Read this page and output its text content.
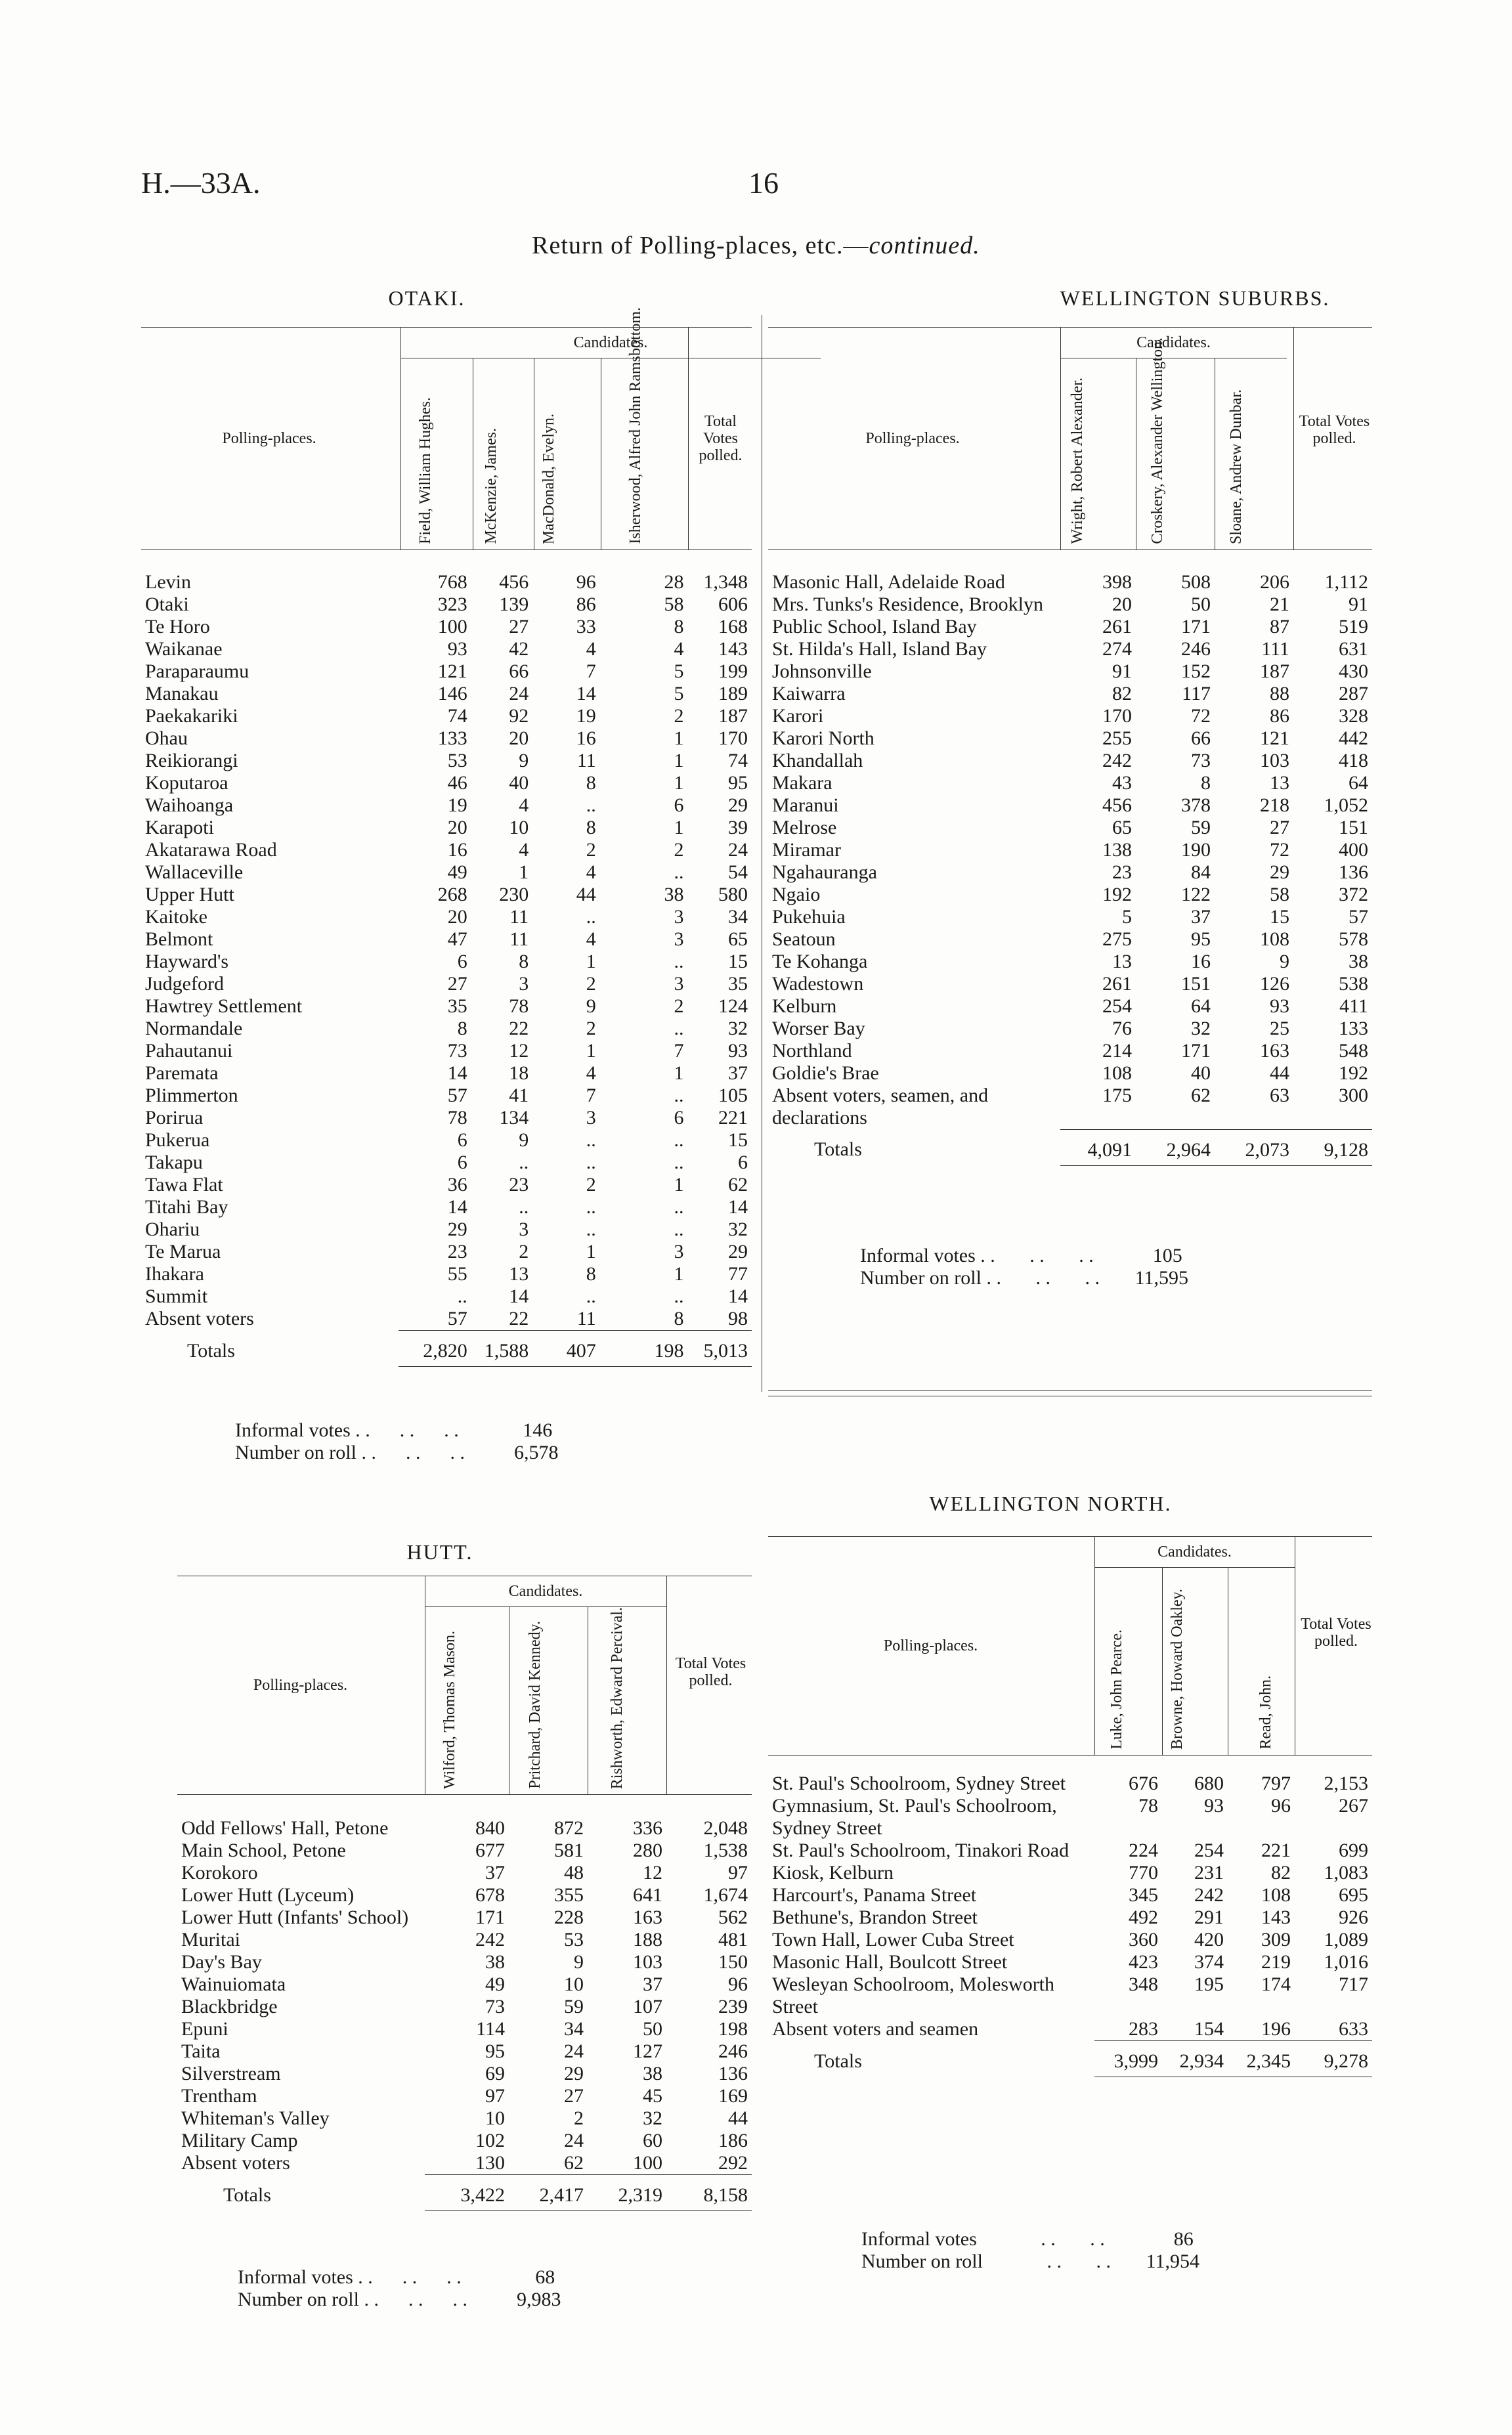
H.—33A.	16
Return of Polling-places, etc.—continued.
OTAKI.
Polling-places.
Candidates.
Field, William Hughes.	McKenzie, James.	MacDonald, Evelyn.	Isherwood, Alfred John Ramsbottom.	Total Votes polled.
Levin	768	456	96	28	1,348
Otaki	323	139	86	58	606
Te Horo	100	27	33	8	168
Waikanae	93	42	4	4	143
Paraparaumu	121	66	7	5	199
Manakau	146	24	14	5	189
Paekakariki	74	92	19	2	187
Ohau	133	20	16	1	170
Reikiorangi	53	9	11	1	74
Koputaroa	46	40	8	1	95
Waihoanga	19	4	..	6	29
Karapoti	20	10	8	1	39
Akatarawa Road	16	4	2	2	24
Wallaceville	49	1	4	..	54
Upper Hutt	268	230	44	38	580
Kaitoke	20	11	..	3	34
Belmont	47	11	4	3	65
Hayward's	6	8	1	..	15
Judgeford	27	3	2	3	35
Hawtrey Settlement	35	78	9	2	124
Normandale	8	22	2	..	32
Pahautanui	73	12	1	7	93
Paremata	14	18	4	1	37
Plimmerton	57	41	7	..	105
Porirua	78	134	3	6	221
Pukerua	6	9	..	..	15
Takapu	6	..	..	..	6
Tawa Flat	36	23	2	1	62
Titahi Bay	14	..	..	..	14
Ohariu	29	3	..	..	32
Te Marua	23	2	1	3	29
Ihakara	55	13	8	1	77
Summit	..	14	..	..	14
Absent voters	57	22	11	8	98
Totals	2,820	1,588	407	198	5,013
Informal votes . .      . .      . .	146
Number on roll . .      . .      . .   6,578
HUTT.
Polling-places.
Candidates.
Wilford, Thomas Mason.	Pritchard, David Kennedy.	Rishworth, Edward Percival.	Total Votes polled.
Odd Fellows' Hall, Petone	840	872	336	2,048
Main School, Petone	677	581	280	1,538
Korokoro	37	48	12	97
Lower Hutt (Lyceum)	678	355	641	1,674
Lower Hutt (Infants' School)	171	228	163	562
Muritai	242	53	188	481
Day's Bay	38	9	103	150
Wainuiomata	49	10	37	96
Blackbridge	73	59	107	239
Epuni	114	34	50	198
Taita	95	24	127	246
Silverstream	69	29	38	136
Trentham	97	27	45	169
Whiteman's Valley	10	2	32	44
Military Camp	102	24	60	186
Absent voters	130	62	100	292
Totals	3,422	2,417	2,319	8,158
Informal votes . .      . .      . .	68
Number on roll . .      . .      . .   9,983
WELLINGTON SUBURBS.
Polling-places.
Candidates.
Wright, Robert Alexander.	Croskery, Alexander Wellington.	Sloane, Andrew Dunbar.	Total Votes polled.
Masonic Hall, Adelaide Road	398	508	206	1,112
Mrs. Tunks's Residence, Brooklyn	20	50	21	91
Public School, Island Bay	261	171	87	519
St. Hilda's Hall, Island Bay	274	246	111	631
Johnsonville	91	152	187	430
Kaiwarra	82	117	88	287
Karori	170	72	86	328
Karori North	255	66	121	442
Khandallah	242	73	103	418
Makara	43	8	13	64
Maranui	456	378	218	1,052
Melrose	65	59	27	151
Miramar	138	190	72	400
Ngahauranga	23	84	29	136
Ngaio	192	122	58	372
Pukehuia	5	37	15	57
Seatoun	275	95	108	578
Te Kohanga	13	16	9	38
Wadestown	261	151	126	538
Kelburn	254	64	93	411
Worser Bay	76	32	25	133
Northland	214	171	163	548
Goldie's Brae	108	40	44	192
Absent voters, seamen, and declarations	175	62	63	300
Totals	4,091	2,964	2,073	9,128
Informal votes . .       . .       . .	105
Number on roll . .       . .       . .  11,595
WELLINGTON NORTH.
Polling-places.
Candidates.
Luke, John Pearce.	Browne, Howard Oakley.	Read, John.
Total Votes polled.
St. Paul's Schoolroom, Sydney Street	676	680	797	2,153
Gymnasium, St. Paul's Schoolroom, Sydney Street	78	93	96	267
St. Paul's Schoolroom, Tinakori Road	224	254	221	699
Kiosk, Kelburn	770	231	82	1,083
Harcourt's, Panama Street	345	242	108	695
Bethune's, Brandon Street	492	291	143	926
Town Hall, Lower Cuba Street	360	420	309	1,089
Masonic Hall, Boulcott Street	423	374	219	1,016
Wesleyan Schoolroom, Molesworth Street	348	195	174	717
Absent voters and seamen	283	154	196	633
Totals	3,999	2,934	2,345	9,278
Informal votes             . .       . .	86
Number on roll             . .       . .  11,954
